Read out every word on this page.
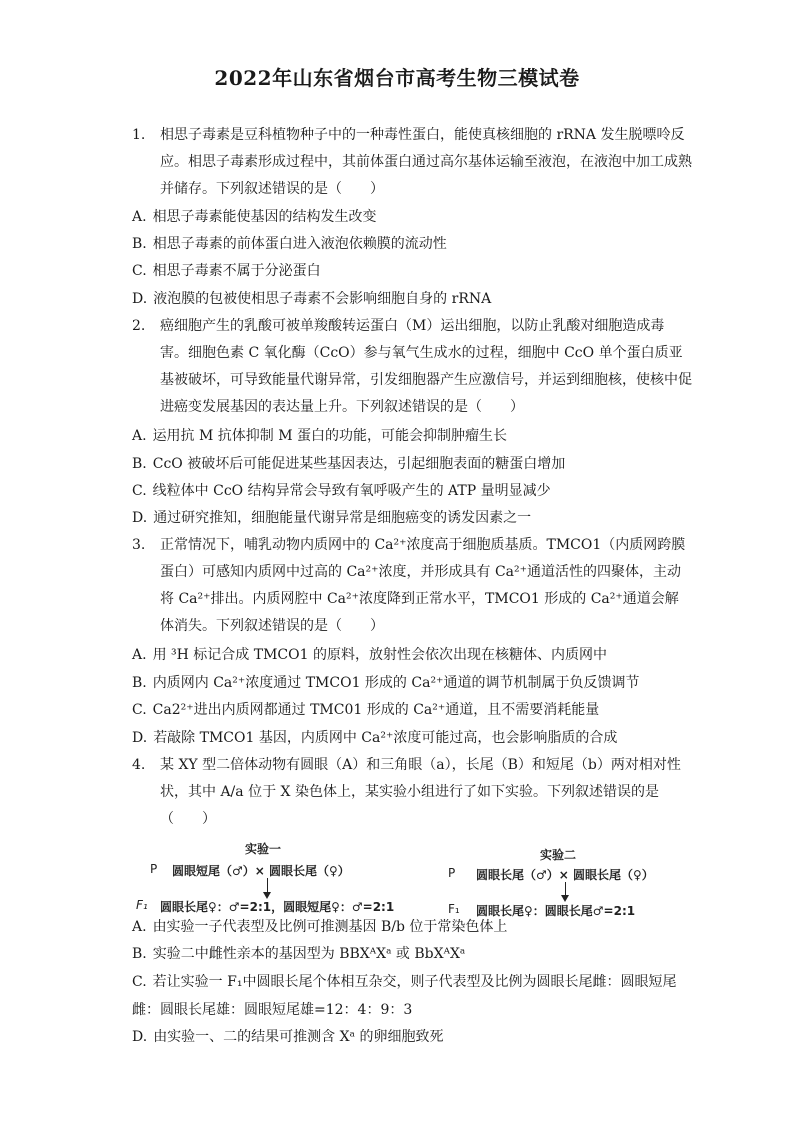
2022年山东省烟台市高考生物三模试卷
1. 相思子毒素是豆科植物种子中的一种毒性蛋白，能使真核细胞的 rRNA 发生脱嘌呤反应。相思子毒素形成过程中，其前体蛋白通过高尔基体运输至液泡，在液泡中加工成熟并储存。下列叙述错误的是（　　）
A. 相思子毒素能使基因的结构发生改变
B. 相思子毒素的前体蛋白进入液泡依赖膜的流动性
C. 相思子毒素不属于分泌蛋白
D. 液泡膜的包被使相思子毒素不会影响细胞自身的 rRNA
2. 癌细胞产生的乳酸可被单羧酸转运蛋白（M）运出细胞，以防止乳酸对细胞造成毒害。细胞色素 C 氧化酶（CcO）参与氧气生成水的过程，细胞中 CcO 单个蛋白质亚基被破坏，可导致能量代谢异常，引发细胞器产生应激信号，并运到细胞核，使核中促进癌变发展基因的表达量上升。下列叙述错误的是（　　）
A. 运用抗 M 抗体抑制 M 蛋白的功能，可能会抑制肿瘤生长
B. CcO 被破坏后可能促进某些基因表达，引起细胞表面的糖蛋白增加
C. 线粒体中 CcO 结构异常会导致有氧呼吸产生的 ATP 量明显减少
D. 通过研究推知，细胞能量代谢异常是细胞癌变的诱发因素之一
3. 正常情况下，哺乳动物内质网中的 Ca²⁺浓度高于细胞质基质。TMCO1（内质网跨膜蛋白）可感知内质网中过高的 Ca²⁺浓度，并形成具有 Ca²⁺通道活性的四聚体，主动将 Ca²⁺排出。内质网腔中 Ca²⁺浓度降到正常水平，TMCO1 形成的 Ca²⁺通道会解体消失。下列叙述错误的是（　　）
A. 用 ³H 标记合成 TMCO1 的原料，放射性会依次出现在核糖体、内质网中
B. 内质网内 Ca²⁺浓度通过 TMCO1 形成的 Ca²⁺通道的调节机制属于负反馈调节
C. Ca2²⁺进出内质网都通过 TMC01 形成的 Ca²⁺通道，且不需要消耗能量
D. 若敲除 TMCO1 基因，内质网中 Ca²⁺浓度可能过高，也会影响脂质的合成
4. 某 XY 型二倍体动物有圆眼（A）和三角眼（a），长尾（B）和短尾（b）两对相对性状，其中 A/a 位于 X 染色体上，某实验小组进行了如下实验。下列叙述错误的是（　　）
实验一
P 圆眼短尾（♂）× 圆眼长尾（♀）
F₁ 圆眼长尾♀：♂=2:1，圆眼短尾♀：♂=2:1
实验二
P 圆眼长尾（♂）× 圆眼长尾（♀）
F₁ 圆眼长尾♀：圆眼长尾♂=2:1
A. 由实验一子代表型及比例可推测基因 B/b 位于常染色体上
B. 实验二中雌性亲本的基因型为 BBXᴬXᵃ 或 BbXᴬXᵃ
C. 若让实验一 F₁中圆眼长尾个体相互杂交，则子代表型及比例为圆眼长尾雌：圆眼短尾雌：圆眼长尾雄：圆眼短尾雄=12：4：9：3
D. 由实验一、二的结果可推测含 Xᵃ 的卵细胞致死
